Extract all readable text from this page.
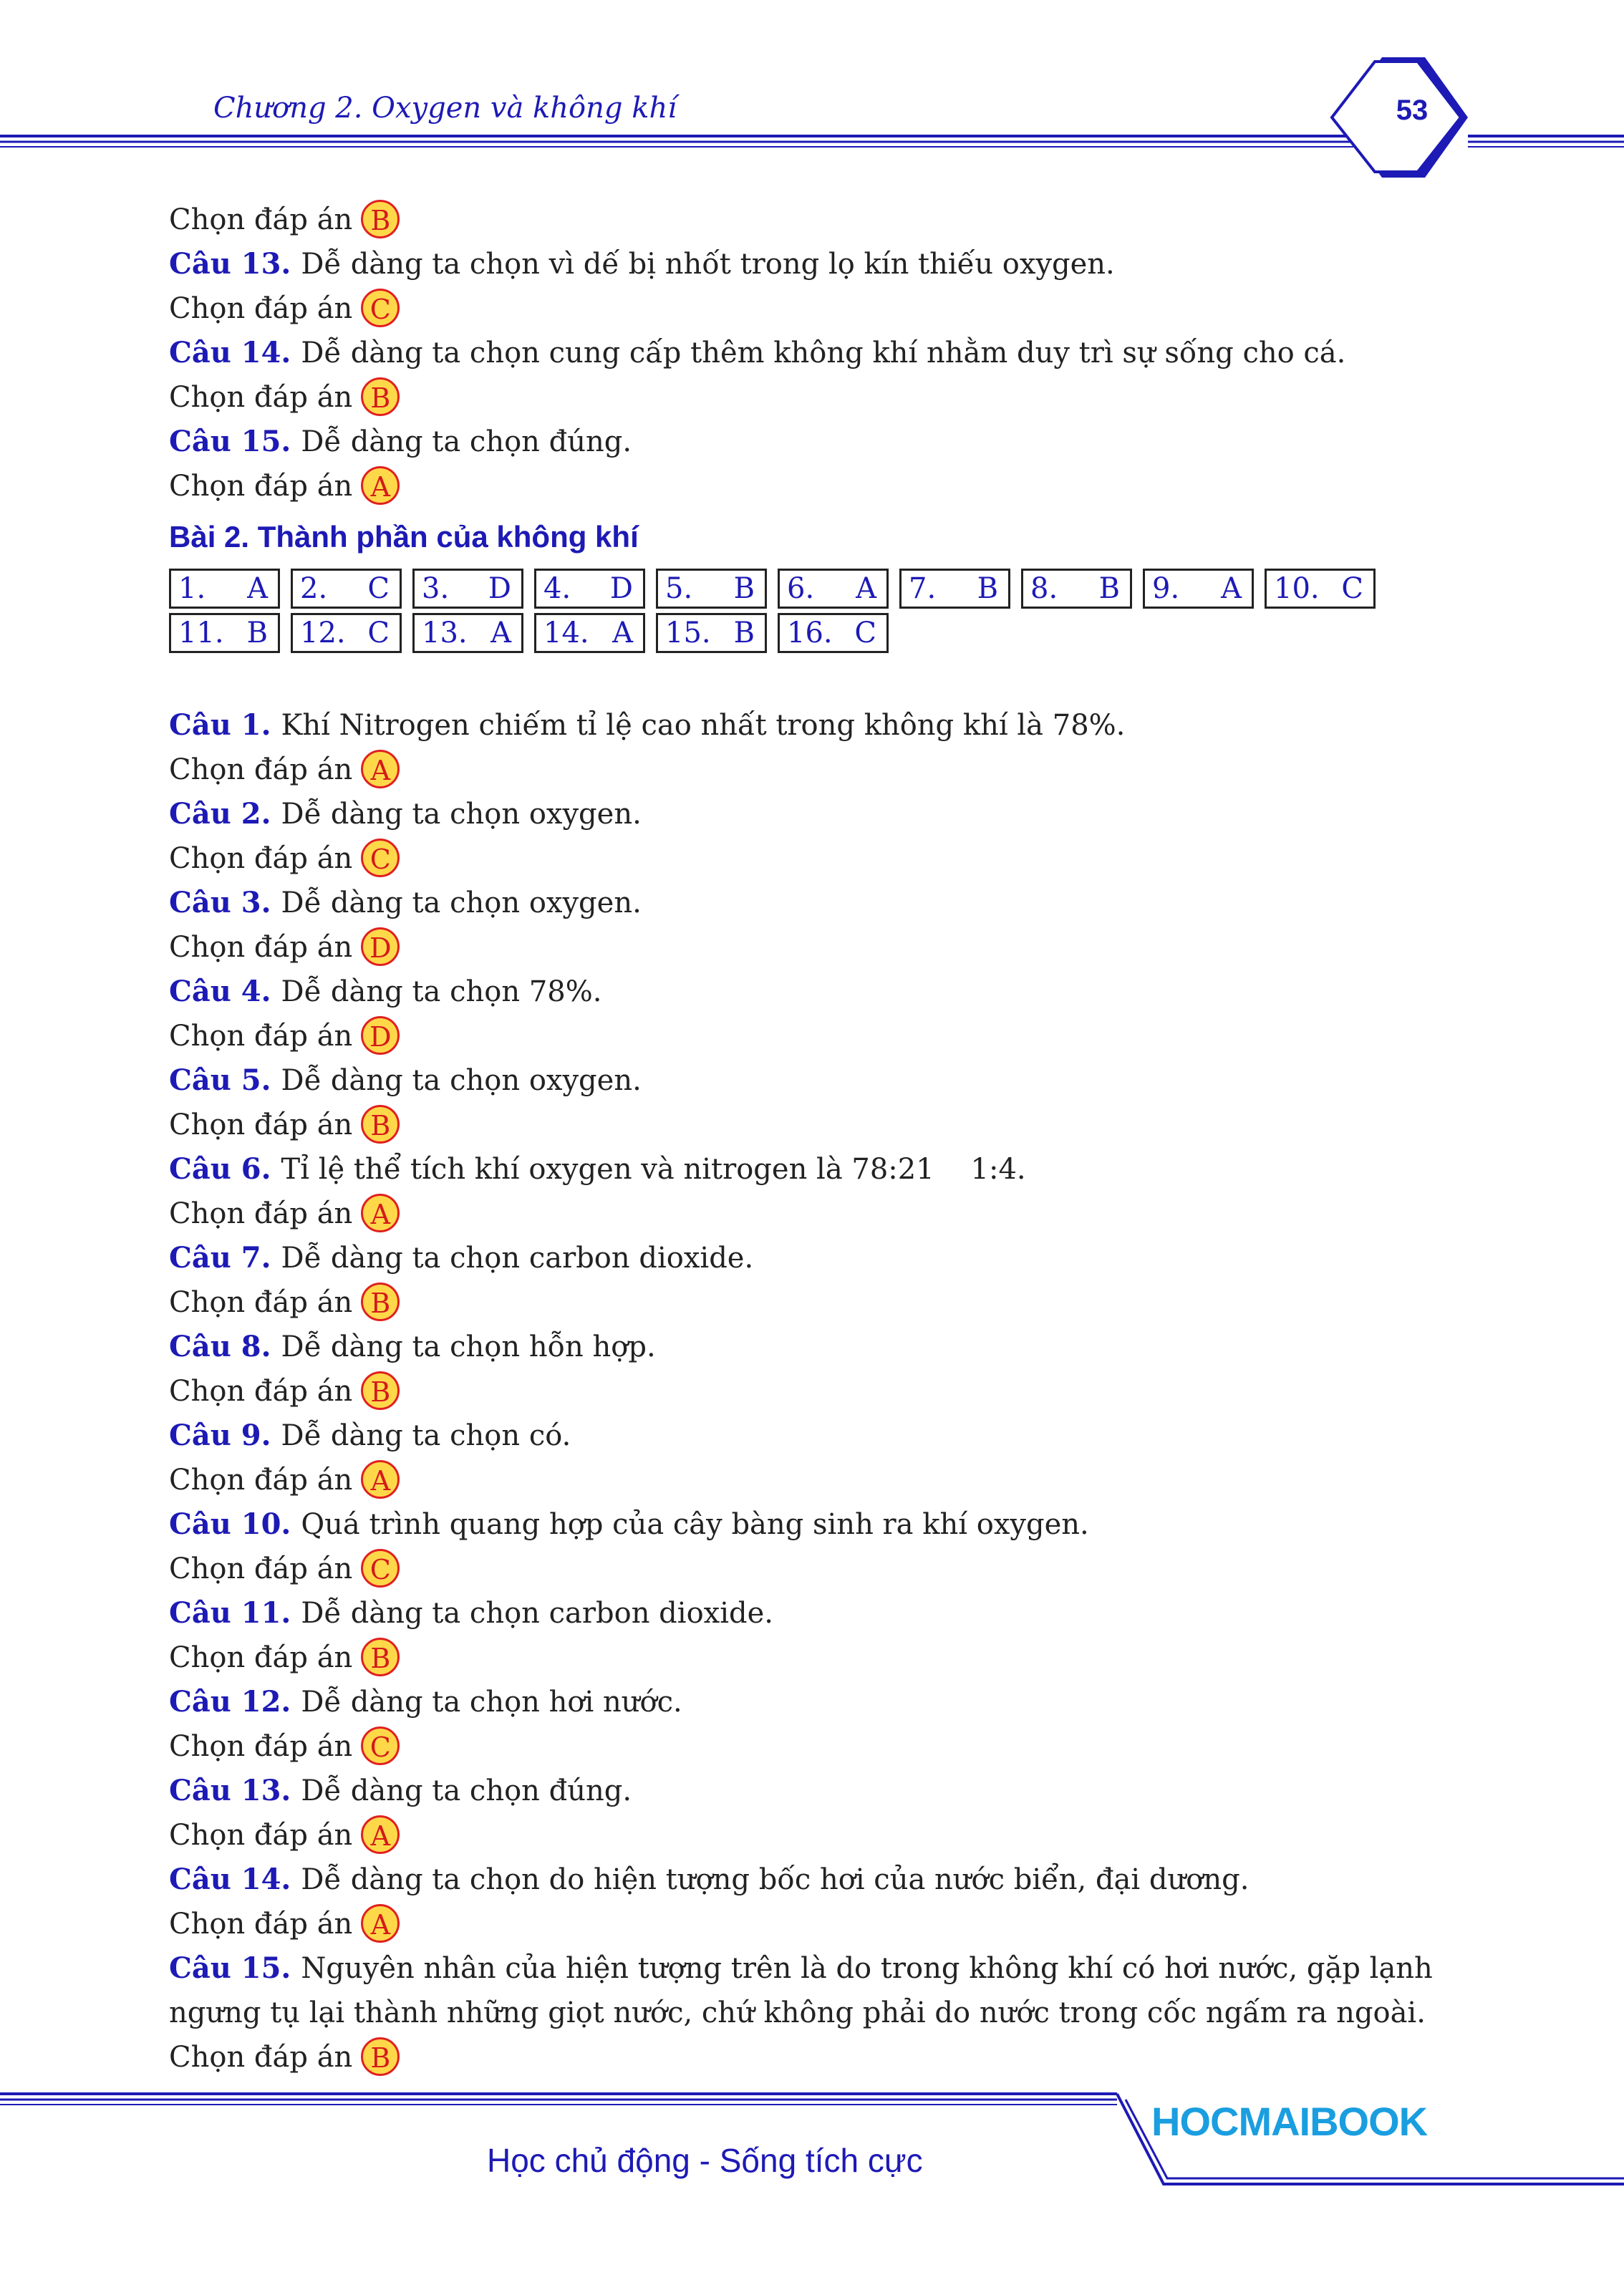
Chương 2. Oxygen và không khí	53
Chọn đáp án B
Câu 13. Dễ dàng ta chọn vì dế bị nhốt trong lọ kín thiếu oxygen.
Chọn đáp án C
Câu 14. Dễ dàng ta chọn cung cấp thêm không khí nhằm duy trì sự sống cho cá.
Chọn đáp án B
Câu 15. Dễ dàng ta chọn đúng.
Chọn đáp án A
Bài 2. Thành phần của không khí
1. A 2. C 3. D 4. D 5. B 6. A 7. B 8. B 9. A 10. C
11. B 12. C 13. A 14. A 15. B 16. C
Câu 1. Khí Nitrogen chiếm tỉ lệ cao nhất trong không khí là 78%.
Chọn đáp án A
Câu 2. Dễ dàng ta chọn oxygen.
Chọn đáp án C
Câu 3. Dễ dàng ta chọn oxygen.
Chọn đáp án D
Câu 4. Dễ dàng ta chọn 78%.
Chọn đáp án D
Câu 5. Dễ dàng ta chọn oxygen.
Chọn đáp án B
Câu 6. Tỉ lệ thể tích khí oxygen và nitrogen là 78:21    1:4.
Chọn đáp án A
Câu 7. Dễ dàng ta chọn carbon dioxide.
Chọn đáp án B
Câu 8. Dễ dàng ta chọn hỗn hợp.
Chọn đáp án B
Câu 9. Dễ dàng ta chọn có.
Chọn đáp án A
Câu 10. Quá trình quang hợp của cây bàng sinh ra khí oxygen.
Chọn đáp án C
Câu 11. Dễ dàng ta chọn carbon dioxide.
Chọn đáp án B
Câu 12. Dễ dàng ta chọn hơi nước.
Chọn đáp án C
Câu 13. Dễ dàng ta chọn đúng.
Chọn đáp án A
Câu 14. Dễ dàng ta chọn do hiện tượng bốc hơi của nước biển, đại dương.
Chọn đáp án A
Câu 15. Nguyên nhân của hiện tượng trên là do trong không khí có hơi nước, gặp lạnh
ngưng tụ lại thành những giọt nước, chứ không phải do nước trong cốc ngấm ra ngoài.
Chọn đáp án B
HOCMAIBOOK
Học chủ động - Sống tích cực
